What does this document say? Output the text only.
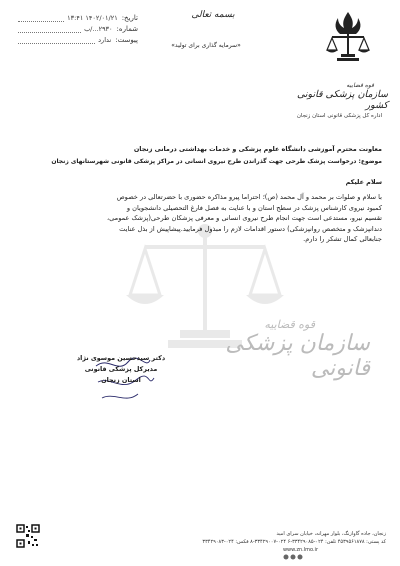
تاریخ:
۱۴۰۲/۰۱/۲۱ ۱۳:۴۱
شماره:
۲۹۳۰.../ب
پیوست:
ندارد
بسمه تعالی
«سرمایه گذاری برای تولید»
قوه قضاییه
سازمان پزشکی قانونی کشور
اداره کل پزشکی قانونی استان زنجان
معاونت محترم آموزشی دانشگاه علوم پزشکی و خدمات بهداشتی درمانی زنجان
موضوع: درخواست پزشک طرحی جهت گذراندن طرح نیروی انسانی در مراکز پزشکی قانونی شهرستانهای زنجان
سلام علیکم
قوه قضاییه
سازمان پزشکی قانونی
با سلام و صلوات بر محمد و آل محمد (ص)؛ احتراما پیرو مذاکره حضوری با حضرتعالی در خصوص
کمبود نیروی کارشناس پزشک در سطح استان و با عنایت به فصل فارغ التحصیلی دانشجویان و
تقسیم نیرو، مستدعی است جهت انجام طرح نیروی انسانی و معرفی پزشکان طرحی(پزشک عمومی،
دندانپزشک و متخصص روانپزشکی) دستور اقدامات لازم را مبذول فرمایید.پیشاپیش از بذل عنایت
جنابعالی کمال تشکر را دارم.
دکتر سیدحسین موسوی نژاد
مدیرکل پزشکی قانونی
استان زنجان
زنجان، جاده گاوازنگ، بلوار مهرانه، خیابان سرای امید
کد پستی: ۴۵۳۹۵۶۱۸۷۸ تلفن: ۰۲۴-۳۳۴۲۹۰۸۵-۶ ۰۲۴-۳۳۴۲۹۰۰۷-۸ فکس: ۰۲۴-۳۳۴۲۹۰۸۳
www.zn.lmo.ir
